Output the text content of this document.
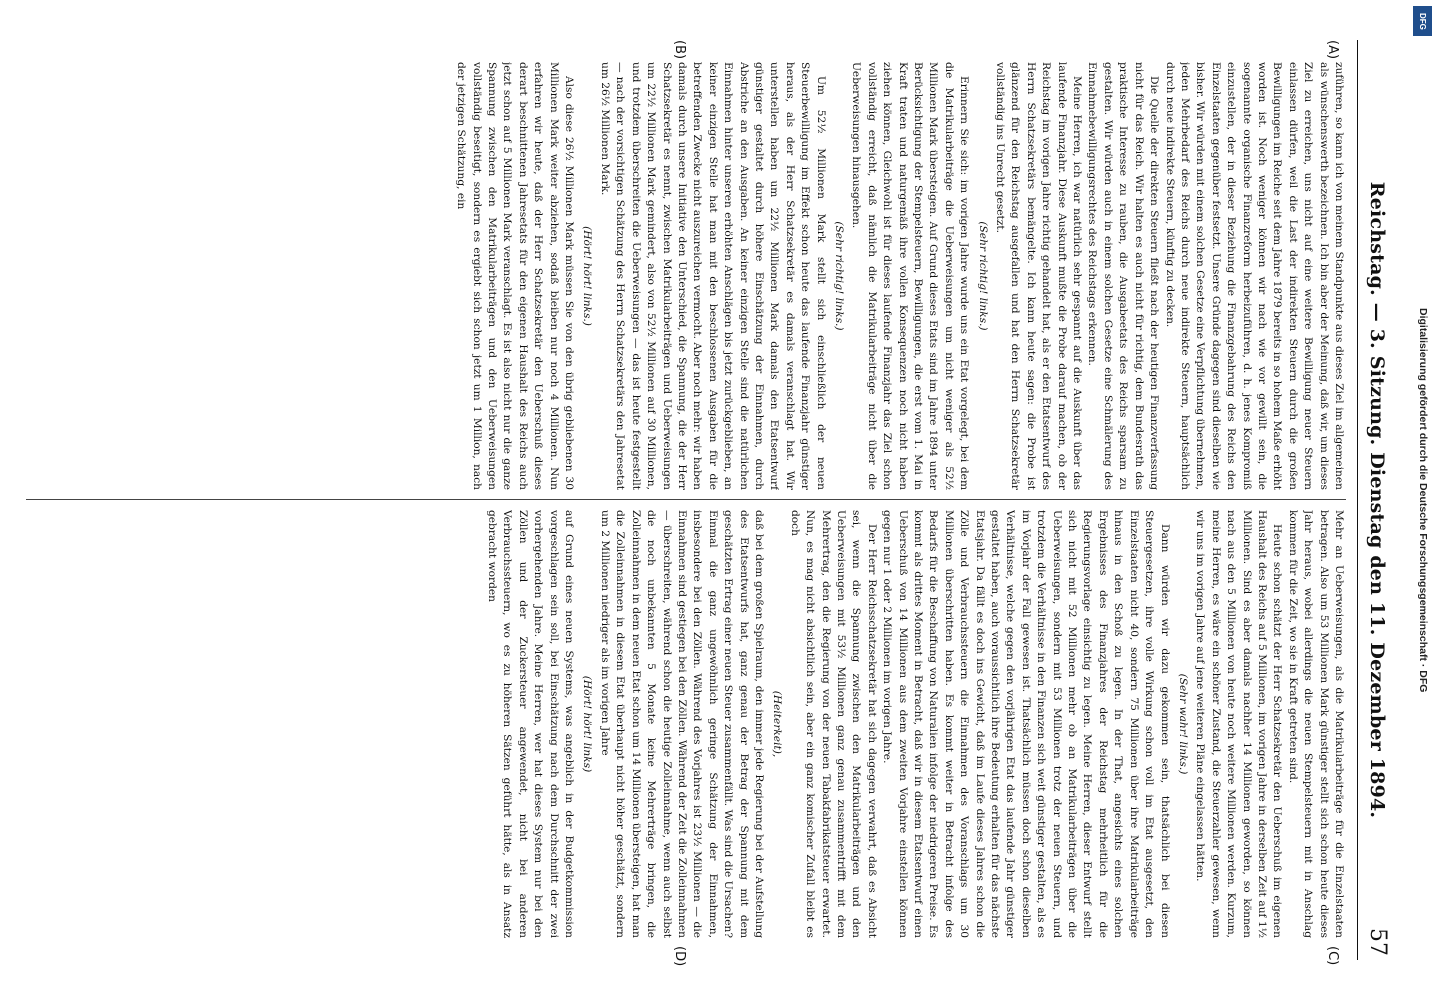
Reichstag. — 3. Sitzung. Dienstag den 11. Dezember 1894.
57
(A)
(B)
(C)
(D)

zuführen, so kann ich von meinem Standpunkte aus dieses Ziel im allgemeinen als wünschenswerth bezeichnen. Ich bin aber der Meinung, daß wir, um dieses Ziel zu erreichen, uns nicht auf eine weitere Bewilligung neuer Steuern einlassen dürfen, weil die Last der indirekten Steuern durch die großen Bewilligungen im Reiche seit dem Jahre 1879 bereits in so hohem Maße erhöht worden ist. Noch weniger können wir nach wie vor gewillt sein, die sogenannte organische Finanzreform herbeizuführen, d. h. jenes Kompromiß einzustellen, der in dieser Beziehung die Finanzgebahrung des Reichs den Einzelstaaten gegenüber festsetzt. Unsere Gründe dagegen sind dieselben wie bisher. Wir würden mit einem solchen Gesetze eine Verpflichtung übernehmen, jeden Mehrbedarf des Reichs durch neue indirekte Steuern, hauptsächlich durch neue indirekte Steuern, künftig zu decken.

Die Quelle der direkten Steuern fließt nach der heutigen Finanzverfassung nicht für das Reich. Wir halten es auch nicht für richtig, dem Bundesrath das praktische Interesse zu rauben, die Ausgabeetats des Reichs sparsam zu gestalten. Wir würden auch in einem solchen Gesetze eine Schmälerung des Einnahmebewilligungsrechtes des Reichstags erkennen.

Meine Herren, ich war natürlich sehr gespannt auf die Auskunft über das laufende Finanzjahr. Diese Auskunft mußte die Probe darauf machen, ob der Reichstag im vorigen Jahre richtig gehandelt hat, als er den Etatsentwurf des Herrn Schatzsekretärs bemängelte. Ich kann heute sagen: die Probe ist glänzend für den Reichstag ausgefallen und hat den Herrn Schatzsekretär vollständig ins Unrecht gesetzt.

(Sehr richtig! links.)

Erinnern Sie sich: im vorigen Jahre wurde uns ein Etat vorgelegt, bei dem die Matrikularbeiträge die Ueberweisungen um nicht weniger als 52½ Millionen Mark übersteigen. Auf Grund dieses Etats sind im Jahre 1894 unter Berücksichtigung der Stempelsteuern, Bewilligungen, die erst vom 1. Mai in Kraft traten und naturgemäß ihre vollen Konsequenzen noch nicht haben ziehen können, Gleichwohl ist für dieses laufende Finanzjahr das Ziel schon vollständig erreicht, daß nämlich die Matrikularbeiträge nicht über die Ueberweisungen hinausgehen.

(Sehr richtig! links.)

Um 52½ Millionen Mark stellt sich einschließlich der neuen Steuerbewilligung im Effekt schon heute das laufende Finanzjahr günstiger heraus, als der Herr Schatzsekretär es damals veranschlagt hat. Wir unterstellen haben um 22½ Millionen Mark damals den Etatsentwurf günstiger gestaltet durch höhere Einschätzung der Einnahmen, durch Abstriche an den Ausgaben. An keiner einzigen Stelle sind die natürlichen Einnahmen hinter unseren erhöhten Anschlägen bis jetzt zurückgeblieben, an keiner einzigen Stelle hat man mit den beschlossenen Ausgaben für die betreffenden Zwecke nicht auszureichen vermocht. Aber noch mehr: wir haben damals durch unsere Initiative den Unterschied, die Spannung, die der Herr Schatzsekretär es nennt, zwischen Matrikularbeiträgen und Ueberweisungen um 22½ Millionen Mark gemindert, also von 52½ Millionen auf 30 Millionen, und trotzdem überschreiten die Ueberweisungen — das ist heute festgestellt — nach der vorsichtigen Schätzung des Herrn Schatzsekretärs den Jahresetat um 26½ Millionen Mark.

(Hört! hört! links.)

Also diese 26½ Millionen Mark müssen Sie von den übrig gebliebenen 30 Millionen Mark weiter abziehen, sodaß bleiben nur noch 4 Millionen. Nun erfahren wir heute, daß der Herr Schatzsekretär den Ueberschuß dieses derart beschnittenen Jahresetats für den eigenen Haushalt des Reichs auch jetzt schon auf 5 Millionen Mark veranschlagt. Es ist also nicht nur die ganze Spannung zwischen den Matrikularbeiträgen und den Ueberweisungen vollständig beseitigt, sondern es ergiebt sich schon jetzt um 1 Million, nach der jetzigen Schätzung, ein

Mehr an Ueberweisungen, als die Matrikularbeiträge für die Einzelstaaten betragen. Also um 53 Millionen Mark günstiger stellt sich schon heute dieses Jahr heraus, wobei allerdings die neuen Stempelsteuern mit in Anschlag kommen für die Zeit, wo sie in Kraft getreten sind.

Heute schon schätzt der Herr Schatzsekretär den Ueberschuß im eigenen Haushalt des Reichs auf 5 Millionen, im vorigen Jahre in derselben Zeit auf 1½ Millionen. Sind es aber damals nachher 14 Millionen geworden, so können nach aus den 5 Millionen von heute noch weitere Millionen werden. Kurzum, meine Herren, es wäre ein schöner Zustand, die Steuerzahler gewesen, wenn wir uns im vorigen Jahre auf jene weiteren Pläne eingelassen hätten.

(Sehr wahr! links.)

Dann würden wir dazu gekommen sein, thatsächlich bei diesen Steuergesetzen, ihre volle Wirkung schon voll im Etat ausgesetzt, den Einzelstaaten nicht 40, sondern 75 Millionen über ihre Matrikularbeiträge hinaus in den Schoß zu legen. In der That, angesichts eines solchen Ergebnisses des Finanzjahres der Reichstag mehrheitlich für die Regierungsvorlage einsichtig zu legen. Meine Herren, dieser Entwurf stellt sich nicht mit 52 Millionen mehr ob an Matrikularbeiträgen über die Ueberweisungen, sondern mit 53 Millionen trotz der neuen Steuern, und trotzdem die Verhältnisse in den Finanzen sich weit günstiger gestalten, als es im Vorjahr der Fall gewesen ist. Thatsächlich müssen doch schon dieselben Verhältnisse, welche gegen den vorjährigen Etat das laufende Jahr günstiger gestaltet haben, auch voraussichtlich ihre Bedeutung erhalten für das nächste Etatsjahr. Da fällt es doch ins Gewicht, daß im Laufe dieses Jahres schon die Zölle und Verbrauchssteuern die Einnahmen des Voranschlags um 30 Millionen überschritten haben. Es kommt weiter in Betracht infolge des Bedarfs für die Beschaffung von Naturalien infolge der niedrigeren Preise. Es kommt als drittes Moment in Betracht, daß wir in diesem Etatsentwurf einen Ueberschuß von 14 Millionen aus dem zweiten Vorjahre einstellen können gegen nur 1 oder 2 Millionen im vorigen Jahre.

Der Herr Reichsschatzsekretär hat sich dagegen verwahrt, daß es Absicht sei, wenn die Spannung zwischen den Matrikularbeiträgen und den Ueberweisungen mit 53½ Millionen ganz genau zusammentrifft mit dem Mehrertrag, den die Regierung von der neuen Tabakfabrikatsteuer erwartet. Nun, es mag nicht absichtlich sein, aber ein ganz komischer Zufall bleibt es doch

(Heiterkeit),

daß bei dem großen Spielraum, den immer jede Regierung bei der Aufstellung des Etatsentwurfs hat, ganz genau der Betrag der Spannung mit dem geschätzten Ertrag einer neuen Steuer zusammenfällt. Was sind die Ursachen? Einmal die ganz ungewöhnlich geringe Schätzung der Einnahmen, insbesondere bei den Zöllen. Während des Vorjahres ist 23½ Millionen — die Einnahmen sind gestiegen bei den Zöllen. Während der Zeit die Zolleinnahmen — überschreiten, während schon die heutige Zolleinnahme, wenn auch selbst die noch unbekannten 5 Monate keine Mehrerträge bringen, die Zolleinnahmen in dem neuen Etat schon um 14 Millionen übersteigen, hat man die Zolleinnahmen in diesem Etat überhaupt nicht höher geschätzt, sondern um 2 Millionen niedriger als im vorigen Jahre

(Hört! hört! links)

auf Grund eines neuen Systems, was angeblich in der Budgetkommission vorgeschlagen sein soll, bei Einschätzung nach dem Durchschnitt der zwei vorhergehenden Jahre. Meine Herren, wer hat dieses System nur bei den Zöllen und der Zuckersteuer angewendet, nicht bei anderen Verbrauchssteuern, wo es zu höheren Sätzen geführt hätte, als in Ansatz gebracht worden

DFG
Digitalisierung gefördert durch die Deutsche Forschungsgemeinschaft · DFG
